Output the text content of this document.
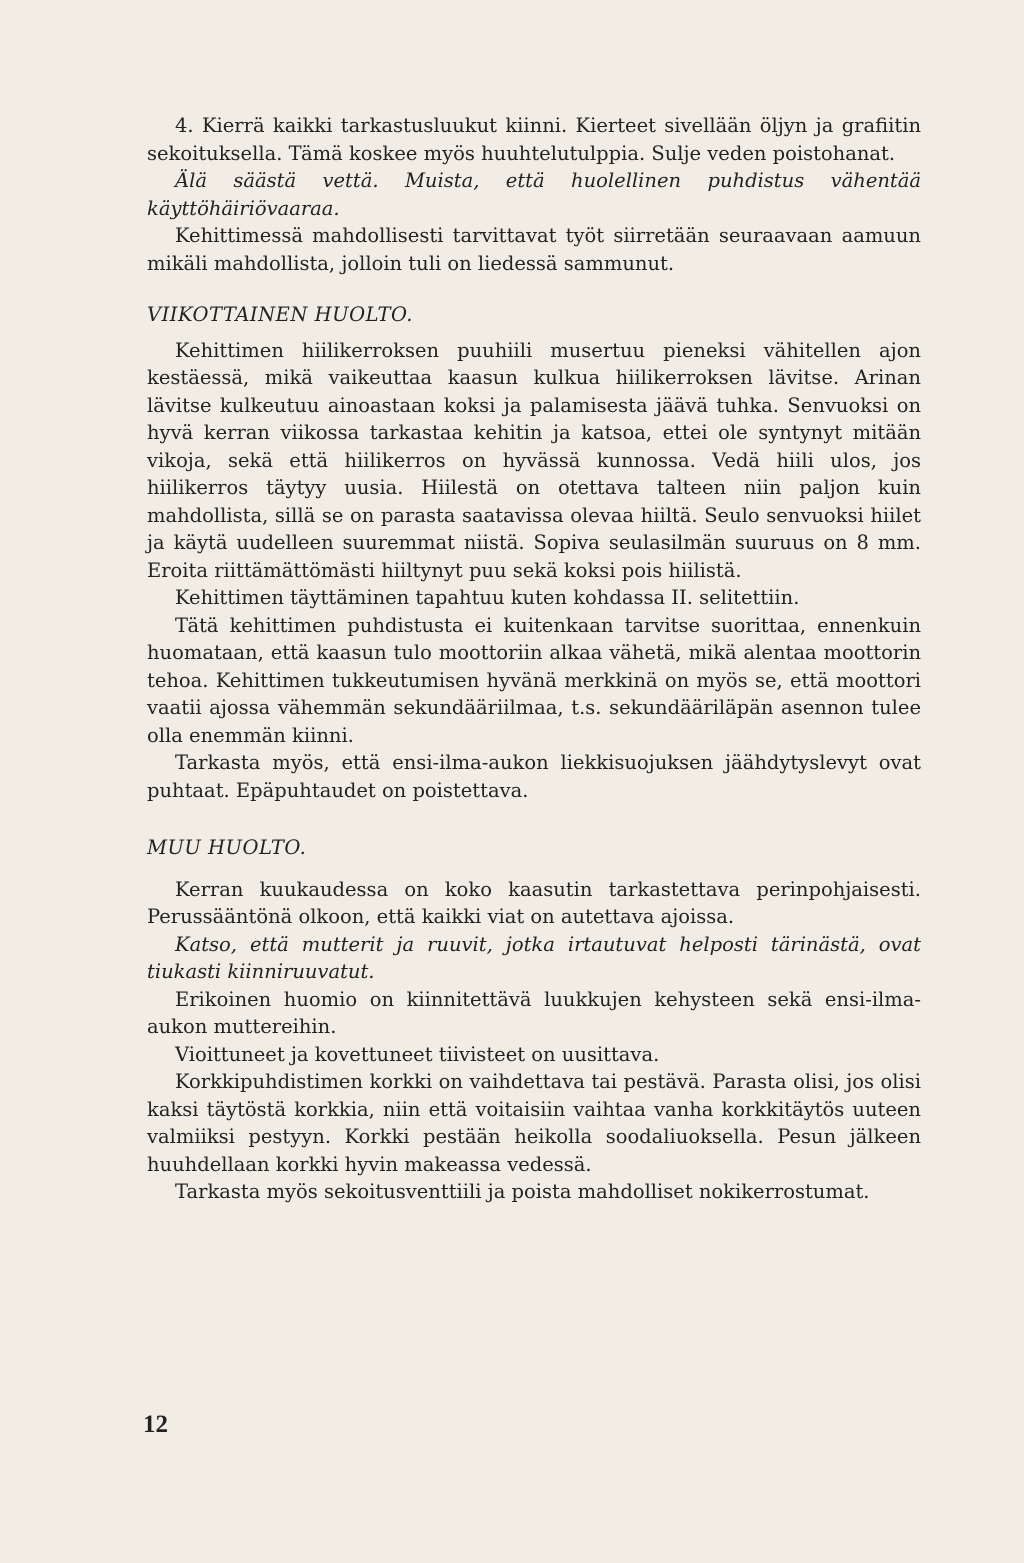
4. Kierrä kaikki tarkastusluukut kiinni. Kierteet sivellään öljyn ja grafiitin sekoituksella. Tämä koskee myös huuhtelutulppia. Sulje veden poistohanat.

Älä säästä vettä. Muista, että huolellinen puhdistus vähentää käyttöhäiriövaaraa.

Kehittimessä mahdollisesti tarvittavat työt siirretään seuraavaan aamuun mikäli mahdollista, jolloin tuli on liedessä sammunut.

VIIKOTTAINEN HUOLTO.

Kehittimen hiilikerroksen puuhiili musertuu pieneksi vähitellen ajon kestäessä, mikä vaikeuttaa kaasun kulkua hiilikerroksen lävitse. Arinan lävitse kulkeutuu ainoastaan koksi ja palamisesta jäävä tuhka. Senvuoksi on hyvä kerran viikossa tarkastaa kehitin ja katsoa, ettei ole syntynyt mitään vikoja, sekä että hiilikerros on hyvässä kunnossa. Vedä hiili ulos, jos hiilikerros täytyy uusia. Hiilestä on otettava talteen niin paljon kuin mahdollista, sillä se on parasta saatavissa olevaa hiiltä. Seulo senvuoksi hiilet ja käytä uudelleen suuremmat niistä. Sopiva seulasilmän suuruus on 8 mm. Eroita riittämättömästi hiiltynyt puu sekä koksi pois hiilistä.

Kehittimen täyttäminen tapahtuu kuten kohdassa II. selitettiin.

Tätä kehittimen puhdistusta ei kuitenkaan tarvitse suorittaa, ennenkuin huomataan, että kaasun tulo moottoriin alkaa vähetä, mikä alentaa moottorin tehoa. Kehittimen tukkeutumisen hyvänä merkkinä on myös se, että moottori vaatii ajossa vähemmän sekundääriilmaa, t.s. sekundääriläpän asennon tulee olla enemmän kiinni.

Tarkasta myös, että ensi-ilma-aukon liekkisuojuksen jäähdytyslevyt ovat puhtaat. Epäpuhtaudet on poistettava.

MUU HUOLTO.

Kerran kuukaudessa on koko kaasutin tarkastettava perinpohjaisesti. Perussääntönä olkoon, että kaikki viat on autettava ajoissa.

Katso, että mutterit ja ruuvit, jotka irtautuvat helposti tärinästä, ovat tiukasti kiinniruuvatut.

Erikoinen huomio on kiinnitettävä luukkujen kehysteen sekä ensi-ilma-aukon muttereihin.

Vioittuneet ja kovettuneet tiivisteet on uusittava.

Korkkipuhdistimen korkki on vaihdettava tai pestävä. Parasta olisi, jos olisi kaksi täytöstä korkkia, niin että voitaisiin vaihtaa vanha korkkitäytös uuteen valmiiksi pestyyn. Korkki pestään heikolla soodaliuoksella. Pesun jälkeen huuhdellaan korkki hyvin makeassa vedessä.

Tarkasta myös sekoitusventtiili ja poista mahdolliset nokikerrostumat.

12
